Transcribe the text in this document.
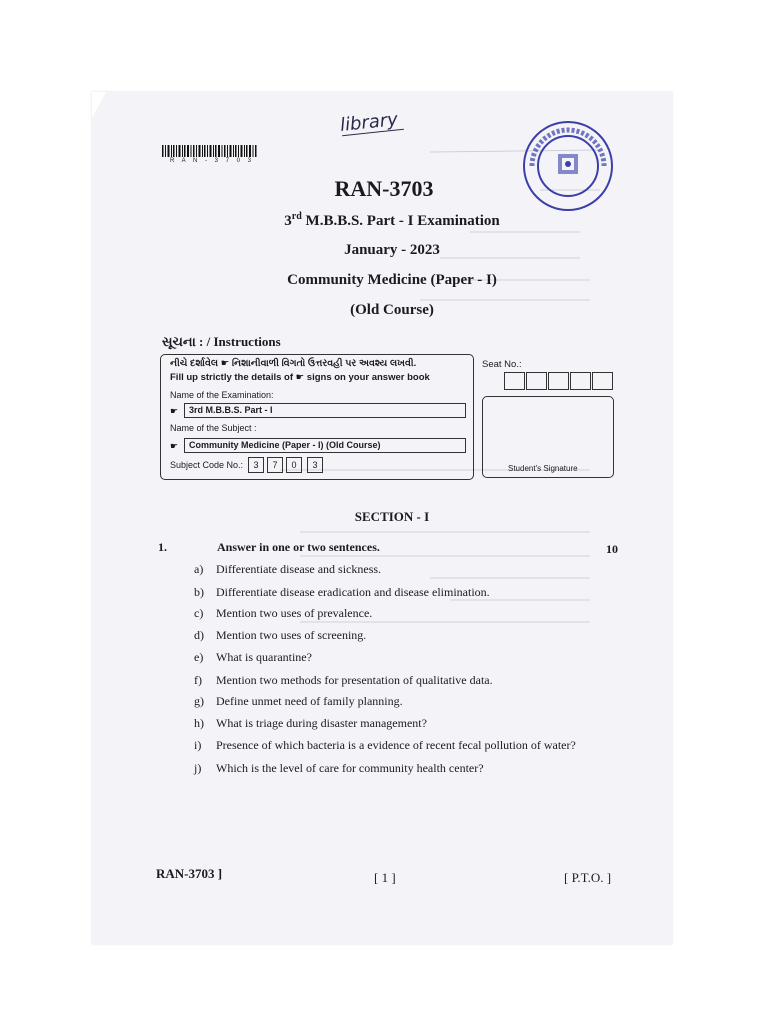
library
R A N - 3 7 0 3
RAN-3703
3rd M.B.B.S. Part - I Examination
January - 2023
Community Medicine (Paper - I)
(Old Course)
સૂચના : / Instructions
નીચે દર્શાવેલ ☛ નિશાનીવાળી વિગતો ઉત્તરવહી પર અવશ્ય લખવી.
Fill up strictly the details of ☛ signs on your answer book
Name of the Examination:
☛	3rd M.B.B.S. Part - I
Name of the Subject :
☛	Community Medicine (Paper - I) (Old Course)
Subject Code No.:	3	7	0	3
Seat No.:
Student's Signature
SECTION - I
1.	Answer in one or two sentences.	10
a) Differentiate disease and sickness.
b) Differentiate disease eradication and disease elimination.
c) Mention two uses of prevalence.
d) Mention two uses of screening.
e) What is quarantine?
f) Mention two methods for presentation of qualitative data.
g) Define unmet need of family planning.
h) What is triage during disaster management?
i) Presence of which bacteria is a evidence of recent fecal pollution of water?
j) Which is the level of care for community health center?
RAN-3703 ]	[ 1 ]	[ P.T.O. ]
